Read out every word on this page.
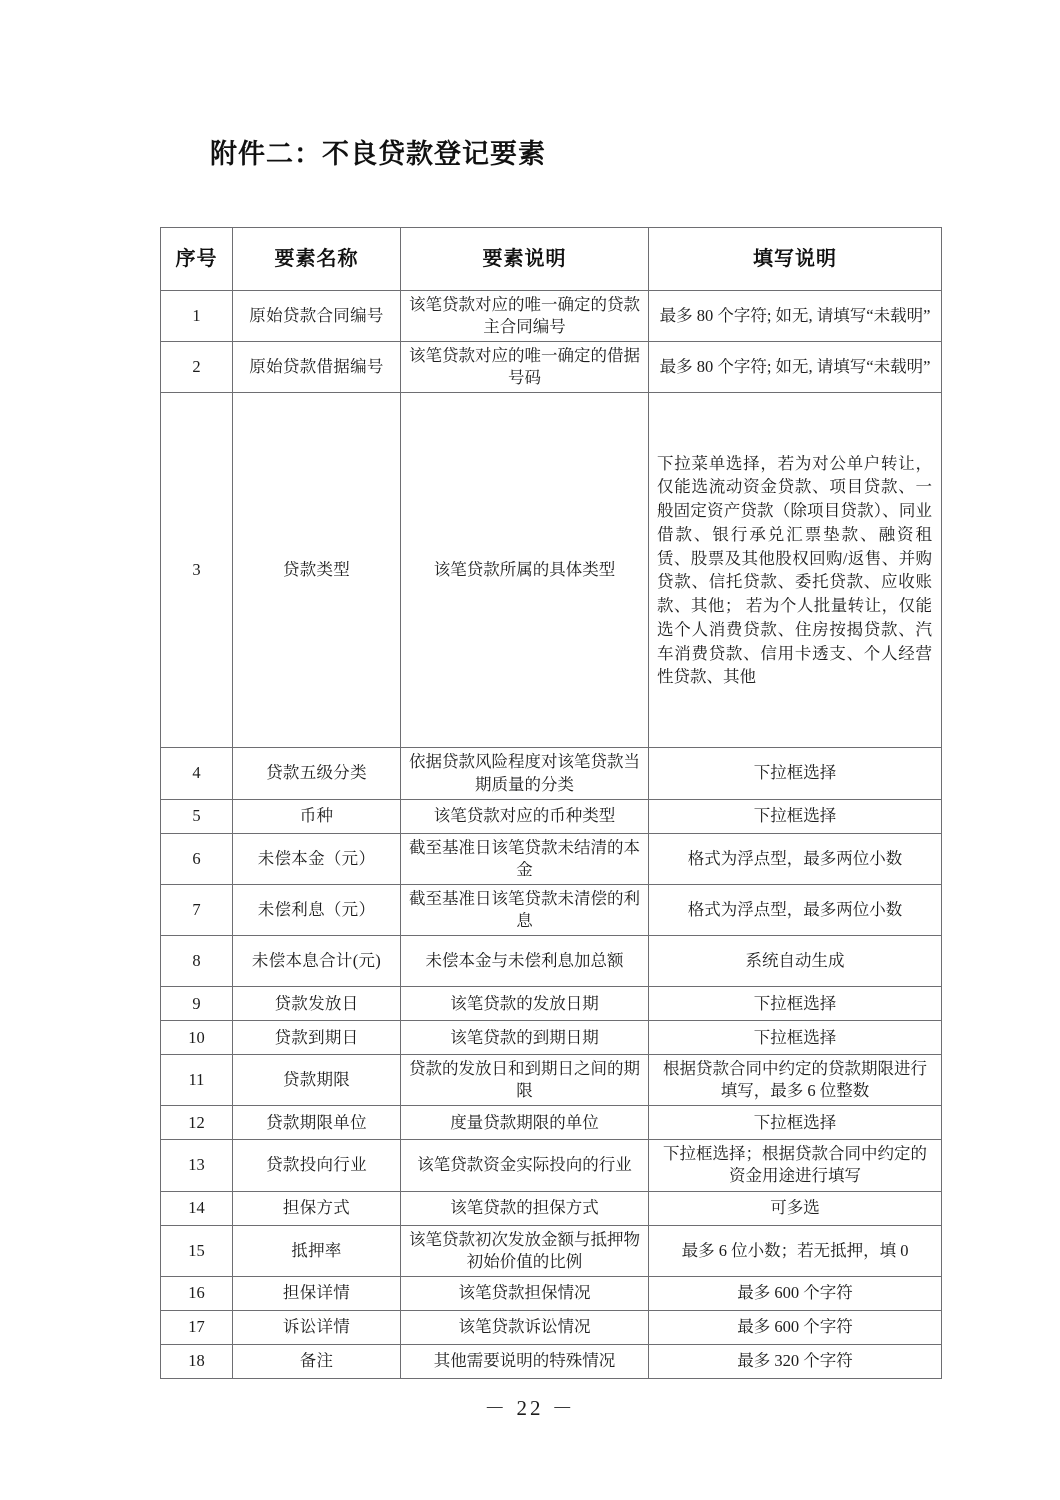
附件二：不良贷款登记要素
序号	要素名称	要素说明	填写说明
1	原始贷款合同编号	该笔贷款对应的唯一确定的贷款主合同编号	最多 80 个字符; 如无, 请填写“未载明”
2	原始贷款借据编号	该笔贷款对应的唯一确定的借据号码	最多 80 个字符; 如无, 请填写“未载明”
3	贷款类型	该笔贷款所属的具体类型	下拉菜单选择，若为对公单户转让，仅能选流动资金贷款、项目贷款、一般固定资产贷款（除项目贷款）、同业借款、银行承兑汇票垫款、融资租赁、股票及其他股权回购/返售、并购贷款、信托贷款、委托贷款、应收账款、其他； 若为个人批量转让，仅能选个人消费贷款、住房按揭贷款、汽车消费贷款、信用卡透支、个人经营性贷款、其他
4	贷款五级分类	依据贷款风险程度对该笔贷款当期质量的分类	下拉框选择
5	币种	该笔贷款对应的币种类型	下拉框选择
6	未偿本金（元）	截至基准日该笔贷款未结清的本金	格式为浮点型，最多两位小数
7	未偿利息（元）	截至基准日该笔贷款未清偿的利息	格式为浮点型，最多两位小数
8	未偿本息合计(元)	未偿本金与未偿利息加总额	系统自动生成
9	贷款发放日	该笔贷款的发放日期	下拉框选择
10	贷款到期日	该笔贷款的到期日期	下拉框选择
11	贷款期限	贷款的发放日和到期日之间的期限	根据贷款合同中约定的贷款期限进行填写，最多 6 位整数
12	贷款期限单位	度量贷款期限的单位	下拉框选择
13	贷款投向行业	该笔贷款资金实际投向的行业	下拉框选择；根据贷款合同中约定的资金用途进行填写
14	担保方式	该笔贷款的担保方式	可多选
15	抵押率	该笔贷款初次发放金额与抵押物初始价值的比例	最多 6 位小数；若无抵押，填 0
16	担保详情	该笔贷款担保情况	最多 600 个字符
17	诉讼详情	该笔贷款诉讼情况	最多 600 个字符
18	备注	其他需要说明的特殊情况	最多 320 个字符
－ 22 －
